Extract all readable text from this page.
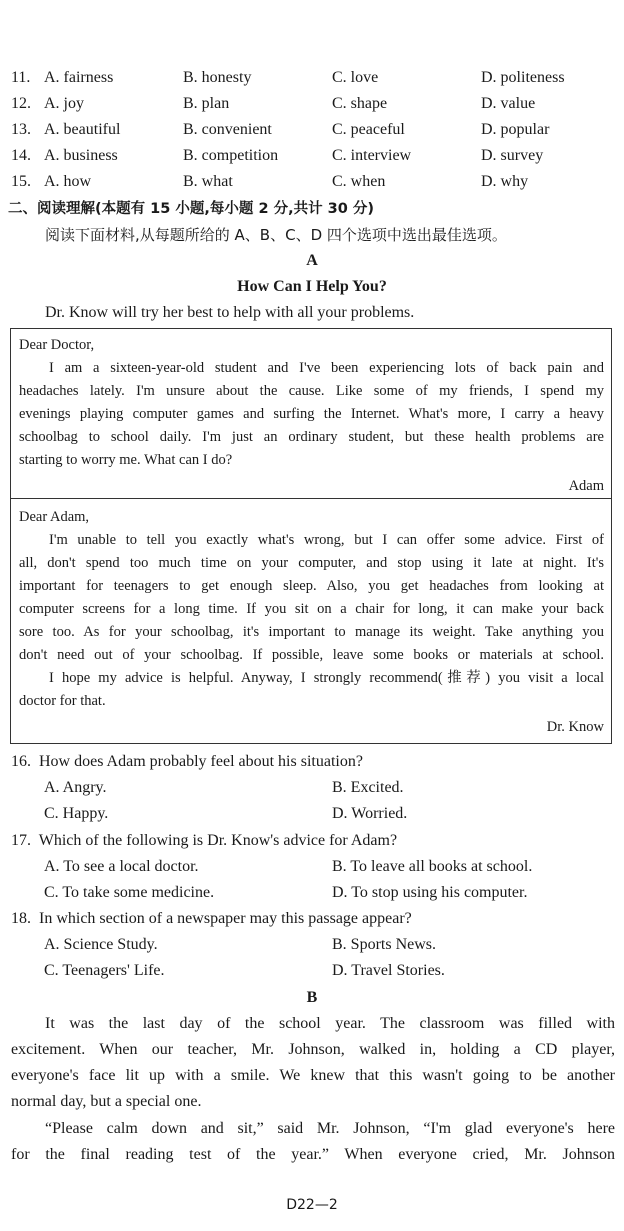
11. A. fairness	B. honesty	C. love	D. politeness
12. A. joy	B. plan	C. shape	D. value
13. A. beautiful	B. convenient	C. peaceful	D. popular
14. A. business	B. competition	C. interview	D. survey
15. A. how	B. what	C. when	D. why
二、阅读理解(本题有 15 小题,每小题 2 分,共计 30 分)
阅读下面材料,从每题所给的 A、B、C、D 四个选项中选出最佳选项。
A
How Can I Help You?
Dr. Know will try her best to help with all your problems.
Dear Doctor,
I am a sixteen-year-old student and I've been experiencing lots of back pain and
headaches lately. I'm unsure about the cause. Like some of my friends, I spend my
evenings playing computer games and surfing the Internet. What's more, I carry a heavy
schoolbag to school daily. I'm just an ordinary student, but these health problems are
starting to worry me. What can I do?
Adam
Dear Adam,
I'm unable to tell you exactly what's wrong, but I can offer some advice. First of
all, don't spend too much time on your computer, and stop using it late at night. It's
important for teenagers to get enough sleep. Also, you get headaches from looking at
computer screens for a long time. If you sit on a chair for long, it can make your back
sore too. As for your schoolbag, it's important to manage its weight. Take anything you
don't need out of your schoolbag. If possible, leave some books or materials at school.
I hope my advice is helpful. Anyway, I strongly recommend(推荐) you visit a local
doctor for that.
Dr. Know
16. How does Adam probably feel about his situation?
A. Angry.	B. Excited.
C. Happy.	D. Worried.
17. Which of the following is Dr. Know's advice for Adam?
A. To see a local doctor.	B. To leave all books at school.
C. To take some medicine.	D. To stop using his computer.
18. In which section of a newspaper may this passage appear?
A. Science Study.	B. Sports News.
C. Teenagers' Life.	D. Travel Stories.
B
It was the last day of the school year. The classroom was filled with
excitement. When our teacher, Mr. Johnson, walked in, holding a CD player,
everyone's face lit up with a smile. We knew that this wasn't going to be another
normal day, but a special one.
“Please calm down and sit,” said Mr. Johnson, “I'm glad everyone's here
for the final reading test of the year.” When everyone cried, Mr. Johnson
D22—2
